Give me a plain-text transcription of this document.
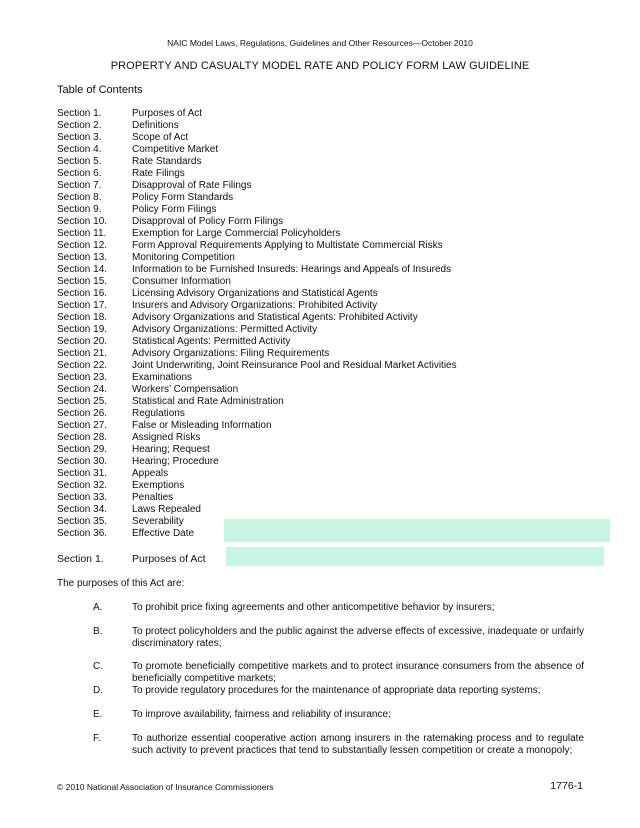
NAIC Model Laws, Regulations, Guidelines and Other Resources—October 2010
PROPERTY AND CASUALTY MODEL RATE AND POLICY FORM LAW GUIDELINE
Table of Contents
Section 1.	Purposes of Act
Section 2.	Definitions
Section 3.	Scope of Act
Section 4.	Competitive Market
Section 5.	Rate Standards
Section 6.	Rate Filings
Section 7.	Disapproval of Rate Filings
Section 8.	Policy Form Standards
Section 9.	Policy Form Filings
Section 10. Disapproval of Policy Form Filings
Section 11.	Exemption for Large Commercial Policyholders
Section 12. Form Approval Requirements Applying to Multistate Commercial Risks
Section 13. Monitoring Competition
Section 14. Information to be Furnished Insureds: Hearings and Appeals of Insureds
Section 15. Consumer Information
Section 16. Licensing Advisory Organizations and Statistical Agents
Section 17. Insurers and Advisory Organizations: Prohibited Activity
Section 18. Advisory Organizations and Statistical Agents: Prohibited Activity
Section 19. Advisory Organizations: Permitted Activity
Section 20. Statistical Agents: Permitted Activity
Section 21. Advisory Organizations: Filing Requirements
Section 22. Joint Underwriting, Joint Reinsurance Pool and Residual Market Activities
Section 23. Examinations
Section 24. Workers’ Compensation
Section 25. Statistical and Rate Administration
Section 26. Regulations
Section 27. False or Misleading Information
Section 28. Assigned Risks
Section 29. Hearing; Request
Section 30. Hearing; Procedure
Section 31. Appeals
Section 32. Exemptions
Section 33. Penalties
Section 34. Laws Repealed
Section 35. Severability
Section 36. Effective Date
Section 1.	Purposes of Act
The purposes of this Act are:
A.	To prohibit price fixing agreements and other anticompetitive behavior by insurers;
B.	To protect policyholders and the public against the adverse effects of excessive, inadequate or unfairly discriminatory rates;
C.	To promote beneficially competitive markets and to protect insurance consumers from the absence of beneficially competitive markets;
D.	To provide regulatory procedures for the maintenance of appropriate data reporting systems;
E.	To improve availability, fairness and reliability of insurance;
F.	To authorize essential cooperative action among insurers in the ratemaking process and to regulate such activity to prevent practices that tend to substantially lessen competition or create a monopoly;
© 2010 National Association of Insurance Commissioners	1776-1
